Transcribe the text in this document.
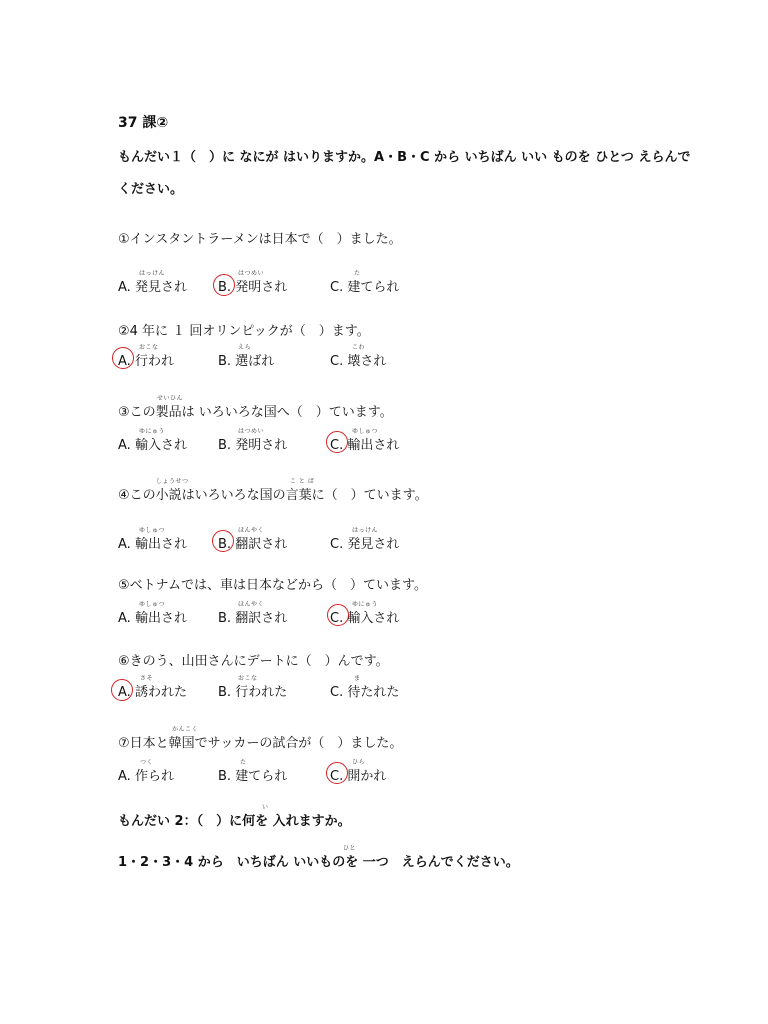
37 課②
もんだい１（　）に なにが はいりますか。A・B・C から いちばん いい ものを ひとつ えらんで
ください。
①インスタントラーメンは日本で（　）ました。
はっけん	はつめい	た
A. 発見され B. 発明され	C. 建てられ
②4 年に １ 回オリンピックが（　）ます。
おこな	えら	こわ
A. 行われ	B. 選ばれ	C. 壊され
せいひん
③この製品は いろいろな国へ（　）ています。
ゆにゅう	はつめい	ゆしゅつ
A. 輸入され B. 発明され	C. 輸出され
しょうせつ	こ と ば
④この小説はいろいろな国の言葉に（　）ています。
ゆしゅつ	ほんやく	はっけん
A. 輸出され B. 翻訳され	C. 発見され
⑤ベトナムでは、車は日本などから（　）ています。
ゆしゅつ	ほんやく	ゆにゅう
A. 輸出され B. 翻訳され	C. 輸入され
⑥きのう、山田さんにデートに（　）んです。
さそ	おこな	ま
A. 誘われた B. 行われた	C. 待たれた
かんこく
⑦日本と韓国でサッカーの試合が（　）ました。
つく	た	ひら
A. 作られ	B. 建てられ	C. 開かれ
い
もんだい 2：（　）に何を 入れますか。
ひと
1・2・3・4 から　いちばん いいものを 一つ　えらんでください。
